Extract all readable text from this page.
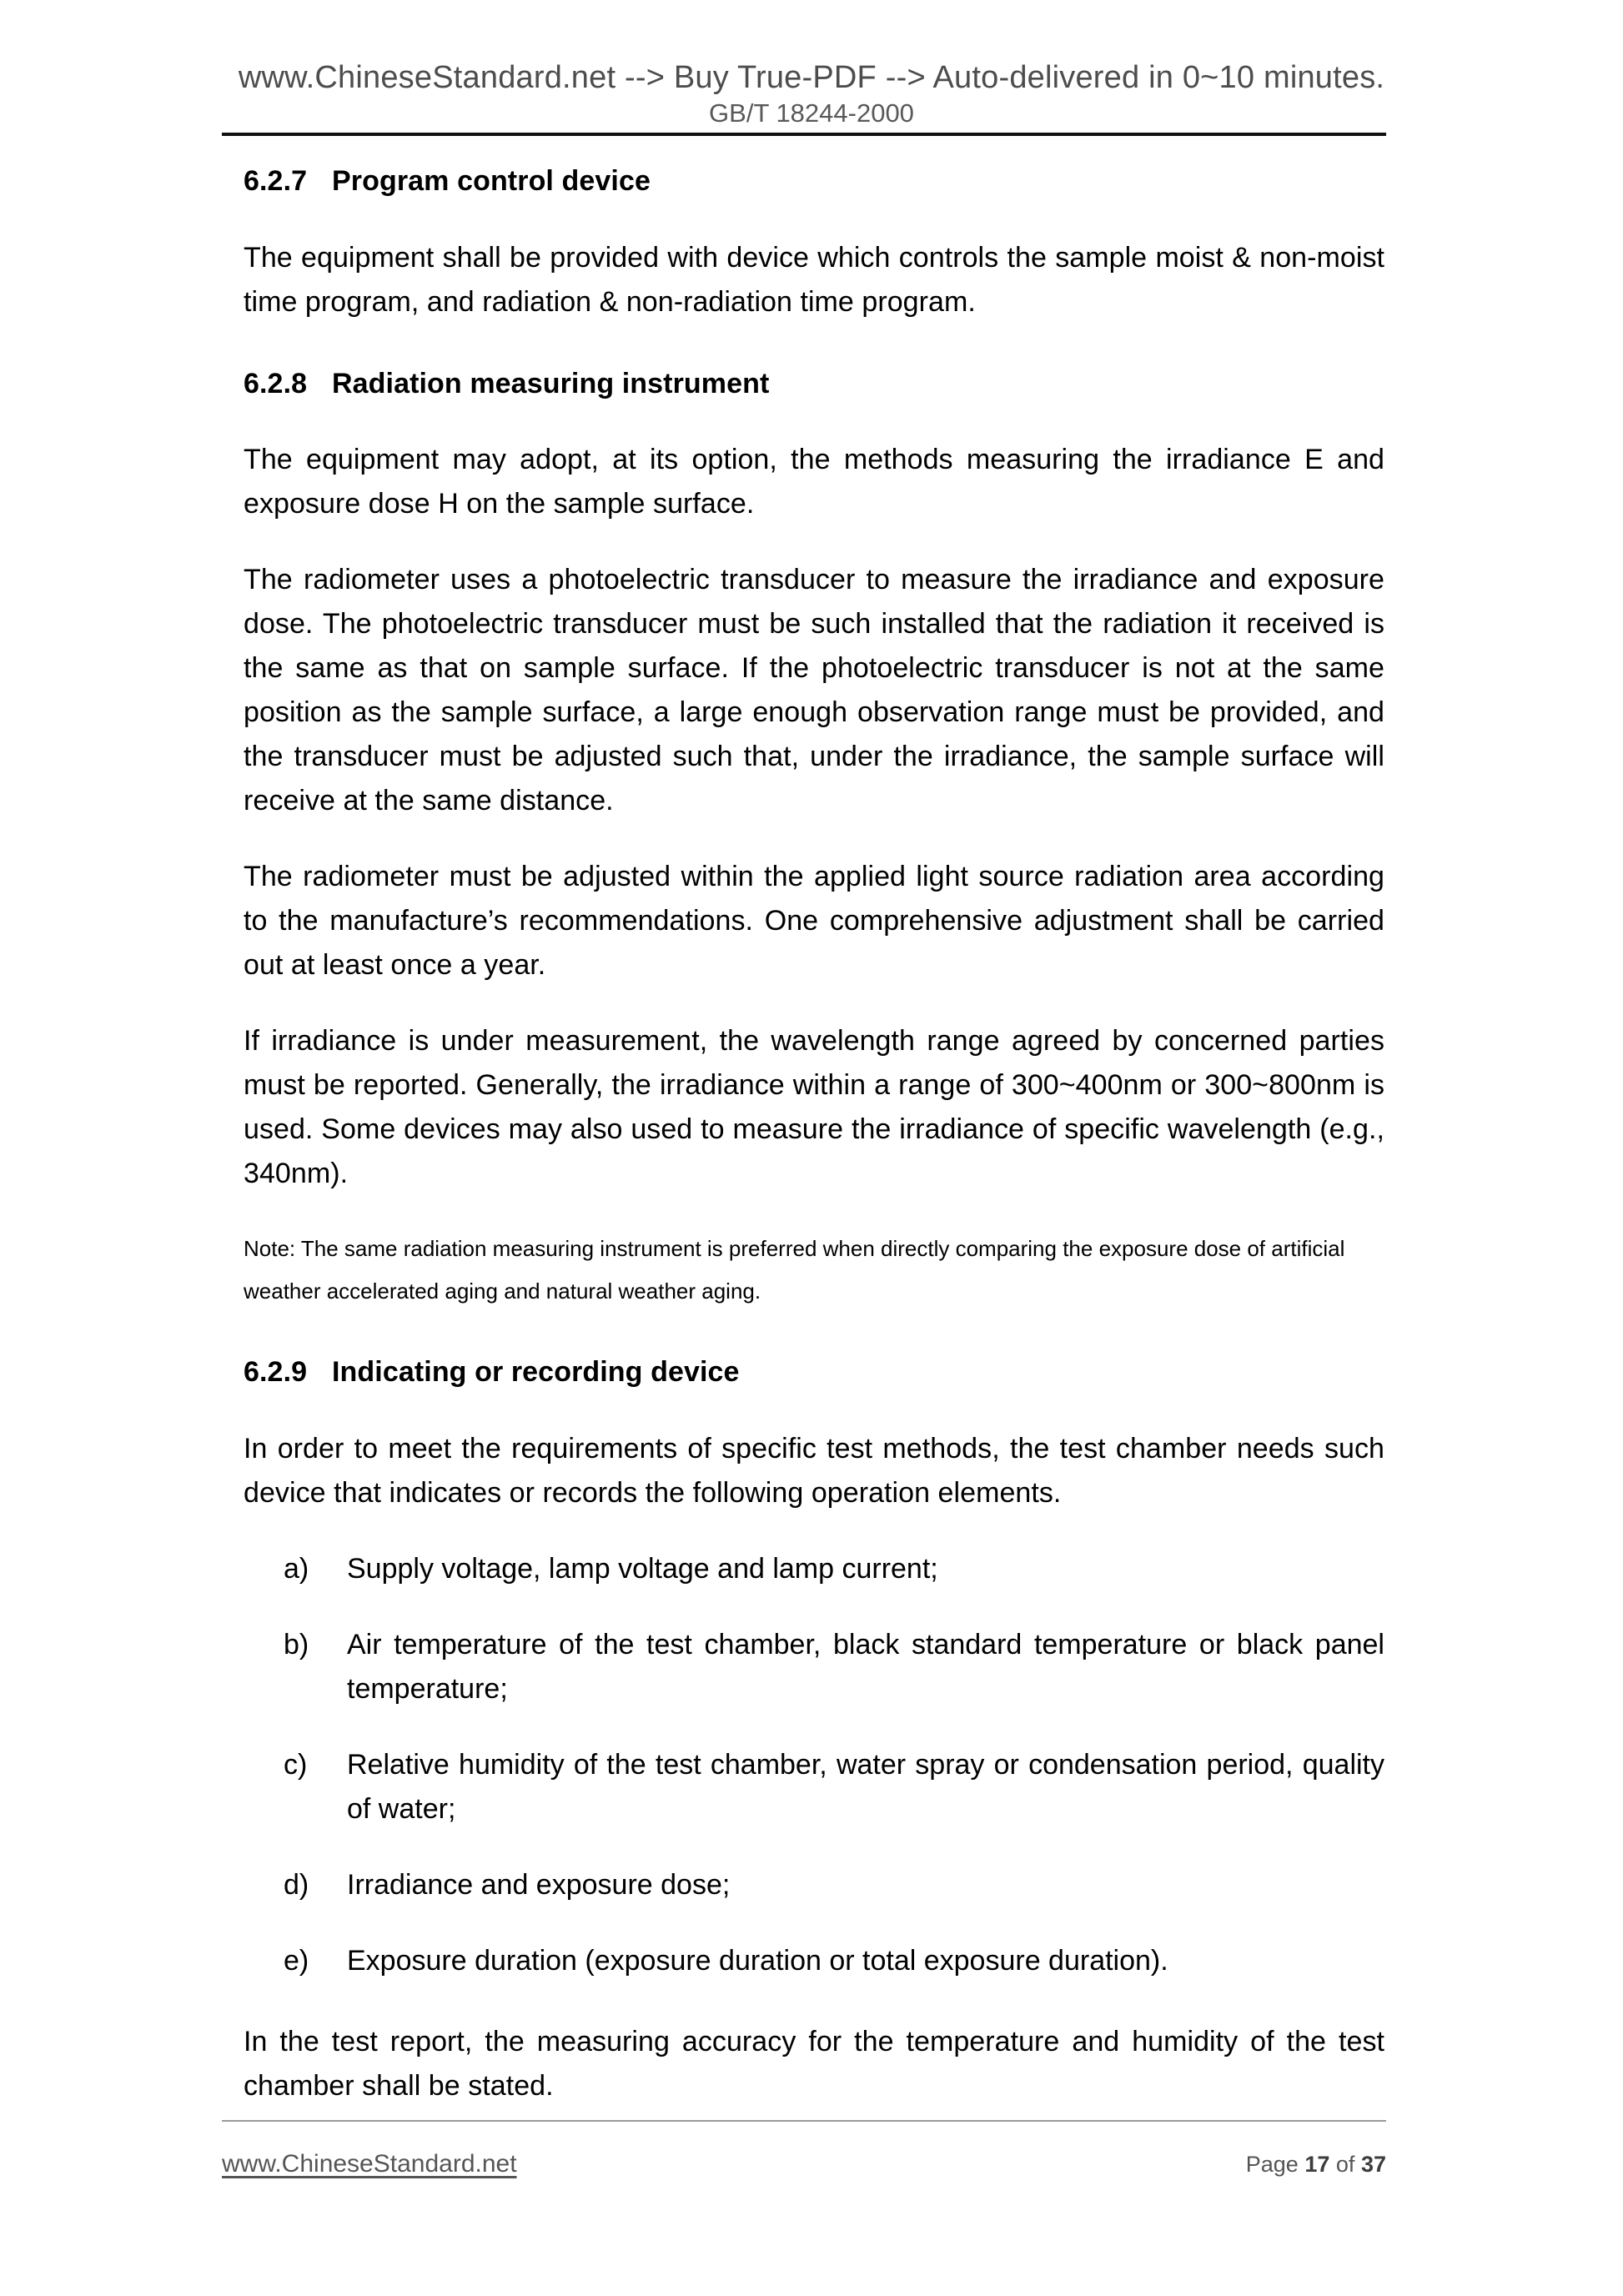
www.ChineseStandard.net --> Buy True-PDF --> Auto-delivered in 0~10 minutes.
GB/T 18244-2000
6.2.7 Program control device

The equipment shall be provided with device which controls the sample moist & non-moist time program, and radiation & non-radiation time program.

6.2.8 Radiation measuring instrument

The equipment may adopt, at its option, the methods measuring the irradiance E and exposure dose H on the sample surface.

The radiometer uses a photoelectric transducer to measure the irradiance and exposure dose. The photoelectric transducer must be such installed that the radiation it received is the same as that on sample surface. If the photoelectric transducer is not at the same position as the sample surface, a large enough observation range must be provided, and the transducer must be adjusted such that, under the irradiance, the sample surface will receive at the same distance.

The radiometer must be adjusted within the applied light source radiation area according to the manufacture’s recommendations. One comprehensive adjustment shall be carried out at least once a year.

If irradiance is under measurement, the wavelength range agreed by concerned parties must be reported. Generally, the irradiance within a range of 300~400nm or 300~800nm is used. Some devices may also used to measure the irradiance of specific wavelength (e.g., 340nm).

Note: The same radiation measuring instrument is preferred when directly comparing the exposure dose of artificial weather accelerated aging and natural weather aging.

6.2.9 Indicating or recording device

In order to meet the requirements of specific test methods, the test chamber needs such device that indicates or records the following operation elements.

a) Supply voltage, lamp voltage and lamp current;
b) Air temperature of the test chamber, black standard temperature or black panel temperature;
c) Relative humidity of the test chamber, water spray or condensation period, quality of water;
d) Irradiance and exposure dose;
e) Exposure duration (exposure duration or total exposure duration).

In the test report, the measuring accuracy for the temperature and humidity of the test chamber shall be stated.

www.ChineseStandard.net	Page 17 of 37
